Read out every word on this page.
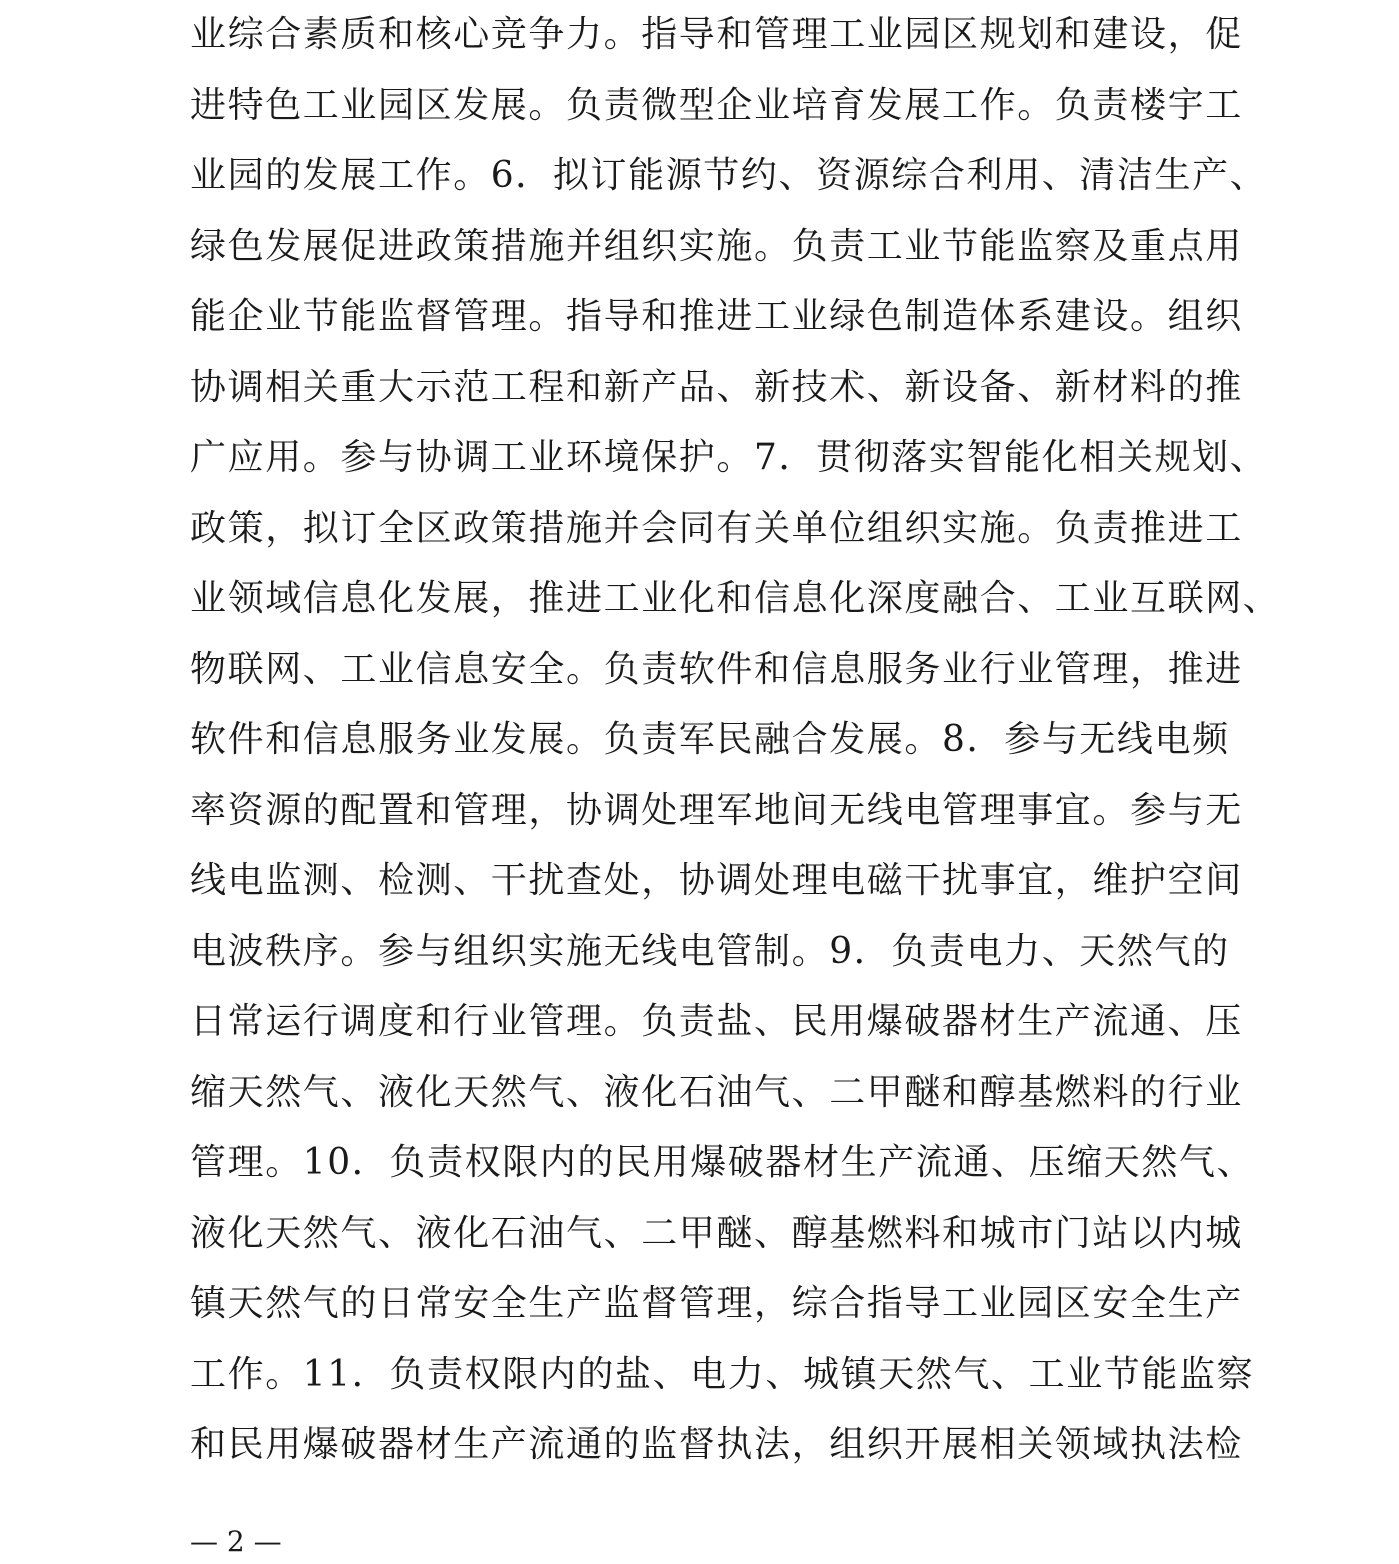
业综合素质和核心竞争力。指导和管理工业园区规划和建设，促
进特色工业园区发展。负责微型企业培育发展工作。负责楼宇工
业园的发展工作。6．拟订能源节约、资源综合利用、清洁生产、
绿色发展促进政策措施并组织实施。负责工业节能监察及重点用
能企业节能监督管理。指导和推进工业绿色制造体系建设。组织
协调相关重大示范工程和新产品、新技术、新设备、新材料的推
广应用。参与协调工业环境保护。7．贯彻落实智能化相关规划、
政策，拟订全区政策措施并会同有关单位组织实施。负责推进工
业领域信息化发展，推进工业化和信息化深度融合、工业互联网、
物联网、工业信息安全。负责软件和信息服务业行业管理，推进
软件和信息服务业发展。负责军民融合发展。8．参与无线电频
率资源的配置和管理，协调处理军地间无线电管理事宜。参与无
线电监测、检测、干扰查处，协调处理电磁干扰事宜，维护空间
电波秩序。参与组织实施无线电管制。9．负责电力、天然气的
日常运行调度和行业管理。负责盐、民用爆破器材生产流通、压
缩天然气、液化天然气、液化石油气、二甲醚和醇基燃料的行业
管理。10．负责权限内的民用爆破器材生产流通、压缩天然气、
液化天然气、液化石油气、二甲醚、醇基燃料和城市门站以内城
镇天然气的日常安全生产监督管理，综合指导工业园区安全生产
工作。11．负责权限内的盐、电力、城镇天然气、工业节能监察
和民用爆破器材生产流通的监督执法，组织开展相关领域执法检
— 2 —
